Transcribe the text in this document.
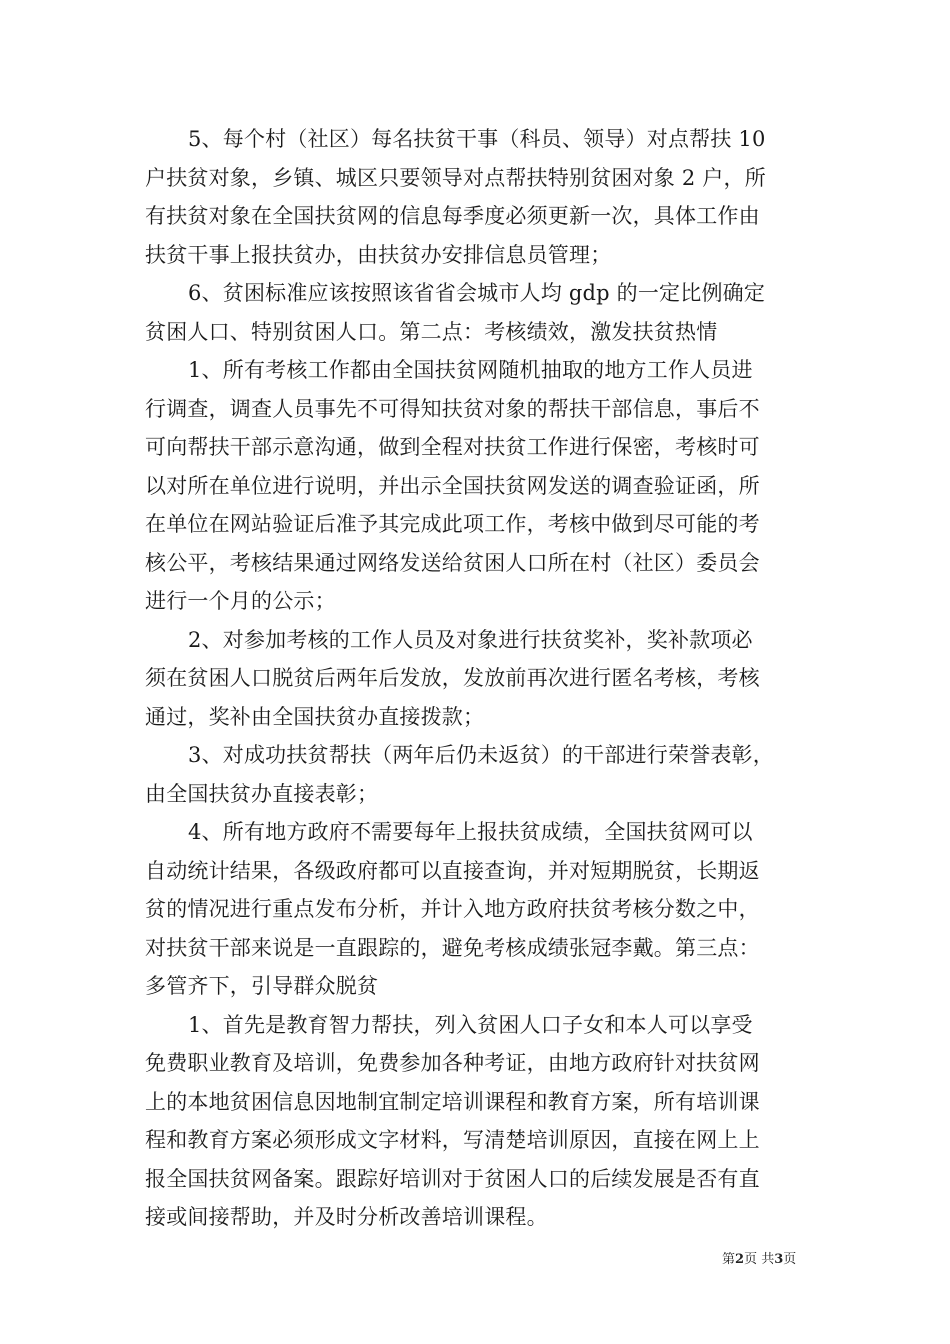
5、每个村（社区）每名扶贫干事（科员、领导）对点帮扶 10
户扶贫对象，乡镇、城区只要领导对点帮扶特别贫困对象 2 户，所
有扶贫对象在全国扶贫网的信息每季度必须更新一次，具体工作由
扶贫干事上报扶贫办，由扶贫办安排信息员管理；
6、贫困标准应该按照该省省会城市人均 gdp 的一定比例确定
贫困人口、特别贫困人口。第二点：考核绩效，激发扶贫热情
1、所有考核工作都由全国扶贫网随机抽取的地方工作人员进
行调查，调查人员事先不可得知扶贫对象的帮扶干部信息，事后不
可向帮扶干部示意沟通，做到全程对扶贫工作进行保密，考核时可
以对所在单位进行说明，并出示全国扶贫网发送的调查验证函，所
在单位在网站验证后准予其完成此项工作，考核中做到尽可能的考
核公平，考核结果通过网络发送给贫困人口所在村（社区）委员会
进行一个月的公示；
2、对参加考核的工作人员及对象进行扶贫奖补，奖补款项必
须在贫困人口脱贫后两年后发放，发放前再次进行匿名考核，考核
通过，奖补由全国扶贫办直接拨款；
3、对成功扶贫帮扶（两年后仍未返贫）的干部进行荣誉表彰，
由全国扶贫办直接表彰；
4、所有地方政府不需要每年上报扶贫成绩，全国扶贫网可以
自动统计结果，各级政府都可以直接查询，并对短期脱贫，长期返
贫的情况进行重点发布分析，并计入地方政府扶贫考核分数之中，
对扶贫干部来说是一直跟踪的，避免考核成绩张冠李戴。第三点：
多管齐下，引导群众脱贫
1、首先是教育智力帮扶，列入贫困人口子女和本人可以享受
免费职业教育及培训，免费参加各种考证，由地方政府针对扶贫网
上的本地贫困信息因地制宜制定培训课程和教育方案，所有培训课
程和教育方案必须形成文字材料，写清楚培训原因，直接在网上上
报全国扶贫网备案。跟踪好培训对于贫困人口的后续发展是否有直
接或间接帮助，并及时分析改善培训课程。
第2页 共3页
